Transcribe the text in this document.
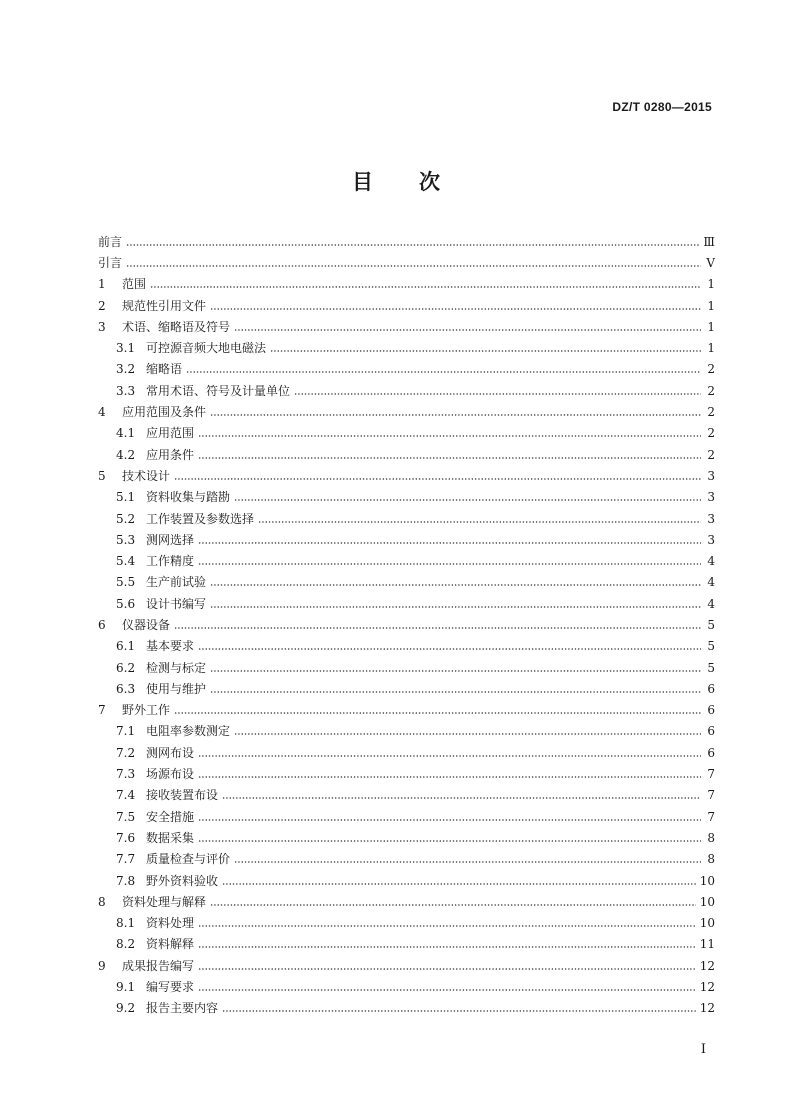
DZ/T 0280—2015
目 次
前言	Ⅲ
引言	Ⅴ
1	范围	1
2	规范性引用文件	1
3	术语、缩略语及符号	1
3.1 可控源音频大地电磁法	1
3.2 缩略语	2
3.3 常用术语、符号及计量单位	2
4	应用范围及条件	2
4.1 应用范围	2
4.2 应用条件	2
5	技术设计	3
5.1 资料收集与踏勘	3
5.2 工作装置及参数选择	3
5.3 测网选择	3
5.4 工作精度	4
5.5 生产前试验	4
5.6 设计书编写	4
6	仪器设备	5
6.1 基本要求	5
6.2 检测与标定	5
6.3 使用与维护	6
7	野外工作	6
7.1 电阻率参数测定	6
7.2 测网布设	6
7.3 场源布设	7
7.4 接收装置布设	7
7.5 安全措施	7
7.6 数据采集	8
7.7 质量检查与评价	8
7.8 野外资料验收	10
8	资料处理与解释	10
8.1 资料处理	10
8.2 资料解释	11
9	成果报告编写	12
9.1 编写要求	12
9.2 报告主要内容	12
I
